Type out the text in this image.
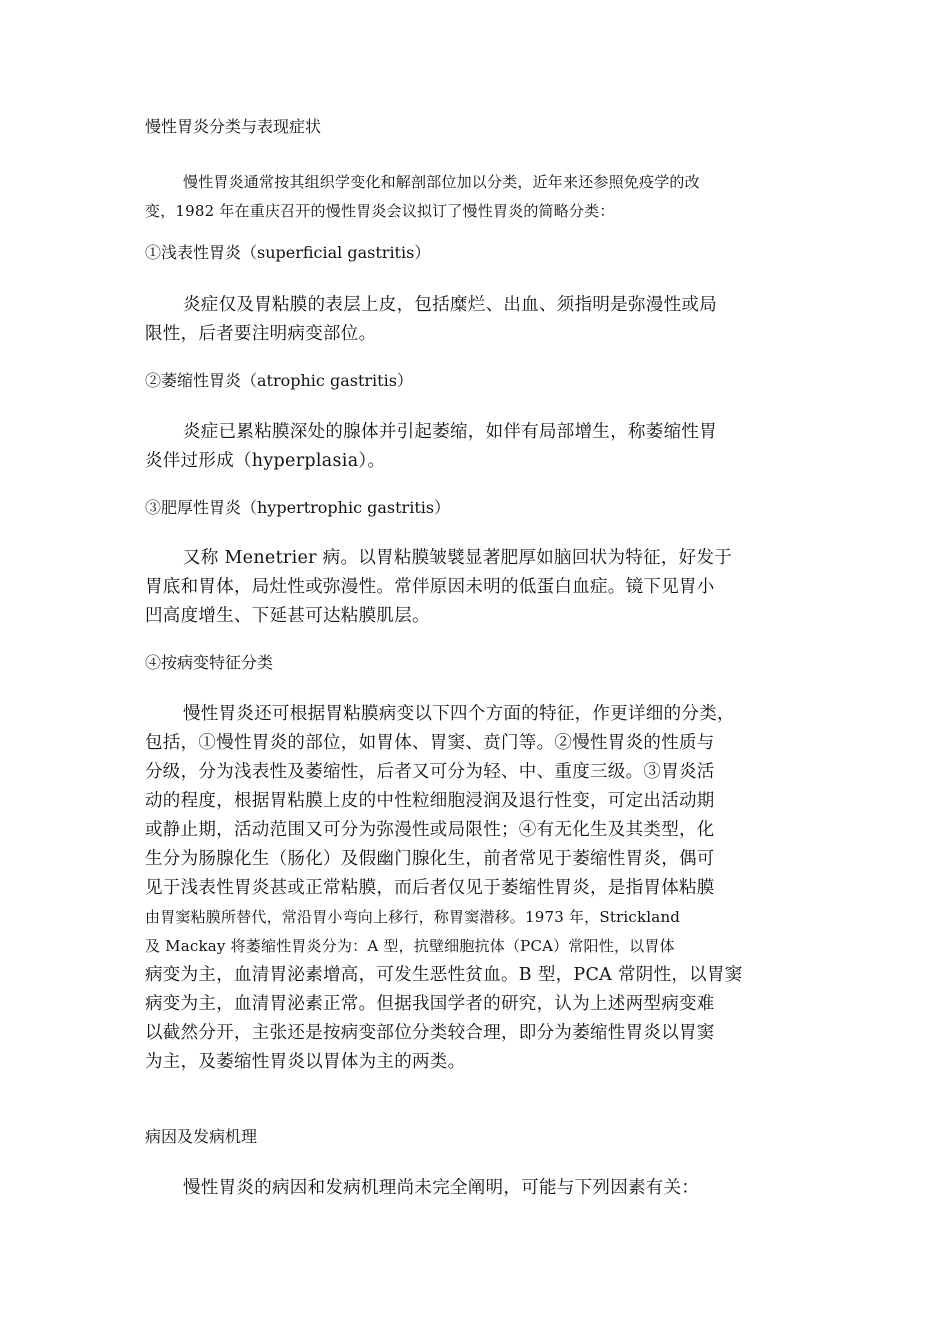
慢性胃炎分类与表现症状

慢性胃炎通常按其组织学变化和解剖部位加以分类，近年来还参照免疫学的改

变，1982 年在重庆召开的慢性胃炎会议拟订了慢性胃炎的简略分类：

①浅表性胃炎（superficial gastritis）

炎症仅及胃粘膜的表层上皮，包括糜烂、出血、须指明是弥漫性或局

限性，后者要注明病变部位。

②萎缩性胃炎（atrophic gastritis）

炎症已累粘膜深处的腺体并引起萎缩，如伴有局部增生，称萎缩性胃

炎伴过形成（hyperplasia）。

③肥厚性胃炎（hypertrophic gastritis）

又称 Menetrier 病。以胃粘膜皱襞显著肥厚如脑回状为特征，好发于

胃底和胃体，局灶性或弥漫性。常伴原因未明的低蛋白血症。镜下见胃小

凹高度增生、下延甚可达粘膜肌层。

④按病变特征分类

慢性胃炎还可根据胃粘膜病变以下四个方面的特征，作更详细的分类，

包括，①慢性胃炎的部位，如胃体、胃窦、贲门等。②慢性胃炎的性质与

分级，分为浅表性及萎缩性，后者又可分为轻、中、重度三级。③胃炎活

动的程度，根据胃粘膜上皮的中性粒细胞浸润及退行性变，可定出活动期

或静止期，活动范围又可分为弥漫性或局限性；④有无化生及其类型，化

生分为肠腺化生（肠化）及假幽门腺化生，前者常见于萎缩性胃炎，偶可

见于浅表性胃炎甚或正常粘膜，而后者仅见于萎缩性胃炎，是指胃体粘膜

由胃窦粘膜所替代，常沿胃小弯向上移行，称胃窦潜移。1973 年，Strickland

及 Mackay 将萎缩性胃炎分为：A 型，抗壁细胞抗体（PCA）常阳性，以胃体

病变为主，血清胃泌素增高，可发生恶性贫血。B 型，PCA 常阴性，以胃窦

病变为主，血清胃泌素正常。但据我国学者的研究，认为上述两型病变难

以截然分开，主张还是按病变部位分类较合理，即分为萎缩性胃炎以胃窦

为主，及萎缩性胃炎以胃体为主的两类。

病因及发病机理

慢性胃炎的病因和发病机理尚未完全阐明，可能与下列因素有关：
